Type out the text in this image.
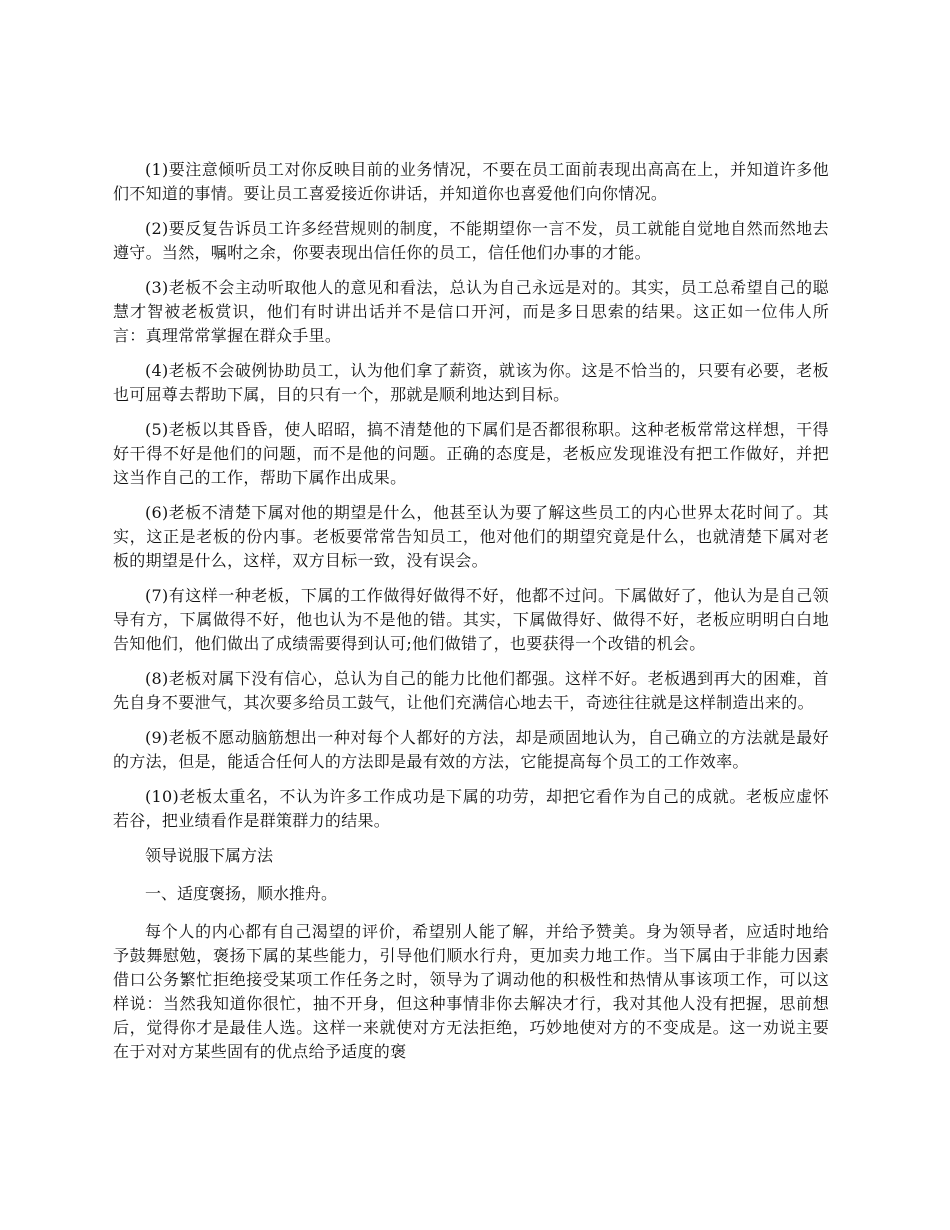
(1)要注意倾听员工对你反映目前的业务情况，不要在员工面前表现出高高在上，并知道许多他们不知道的事情。要让员工喜爱接近你讲话，并知道你也喜爱他们向你情况。

(2)要反复告诉员工许多经营规则的制度，不能期望你一言不发，员工就能自觉地自然而然地去遵守。当然，嘱咐之余，你要表现出信任你的员工，信任他们办事的才能。

(3)老板不会主动听取他人的意见和看法，总认为自己永远是对的。其实，员工总希望自己的聪慧才智被老板赏识，他们有时讲出话并不是信口开河，而是多日思索的结果。这正如一位伟人所言：真理常常掌握在群众手里。

(4)老板不会破例协助员工，认为他们拿了薪资，就该为你。这是不恰当的，只要有必要，老板也可屈尊去帮助下属，目的只有一个，那就是顺利地达到目标。

(5)老板以其昏昏，使人昭昭，搞不清楚他的下属们是否都很称职。这种老板常常这样想，干得好干得不好是他们的问题，而不是他的问题。正确的态度是，老板应发现谁没有把工作做好，并把这当作自己的工作，帮助下属作出成果。

(6)老板不清楚下属对他的期望是什么，他甚至认为要了解这些员工的内心世界太花时间了。其实，这正是老板的份内事。老板要常常告知员工，他对他们的期望究竟是什么，也就清楚下属对老板的期望是什么，这样，双方目标一致，没有误会。

(7)有这样一种老板，下属的工作做得好做得不好，他都不过问。下属做好了，他认为是自己领导有方，下属做得不好，他也认为不是他的错。其实，下属做得好、做得不好，老板应明明白白地告知他们，他们做出了成绩需要得到认可;他们做错了，也要获得一个改错的机会。

(8)老板对属下没有信心，总认为自己的能力比他们都强。这样不好。老板遇到再大的困难，首先自身不要泄气，其次要多给员工鼓气，让他们充满信心地去干，奇迹往往就是这样制造出来的。

(9)老板不愿动脑筋想出一种对每个人都好的方法，却是顽固地认为，自己确立的方法就是最好的方法，但是，能适合任何人的方法即是最有效的方法，它能提高每个员工的工作效率。

(10)老板太重名，不认为许多工作成功是下属的功劳，却把它看作为自己的成就。老板应虚怀若谷，把业绩看作是群策群力的结果。

领导说服下属方法

一、适度褒扬，顺水推舟。

每个人的内心都有自己渴望的评价，希望别人能了解，并给予赞美。身为领导者，应适时地给予鼓舞慰勉，褒扬下属的某些能力，引导他们顺水行舟，更加卖力地工作。当下属由于非能力因素借口公务繁忙拒绝接受某项工作任务之时，领导为了调动他的积极性和热情从事该项工作，可以这样说：当然我知道你很忙，抽不开身，但这种事情非你去解决才行，我对其他人没有把握，思前想后，觉得你才是最佳人选。这样一来就使对方无法拒绝，巧妙地使对方的不变成是。这一劝说主要在于对对方某些固有的优点给予适度的褒
